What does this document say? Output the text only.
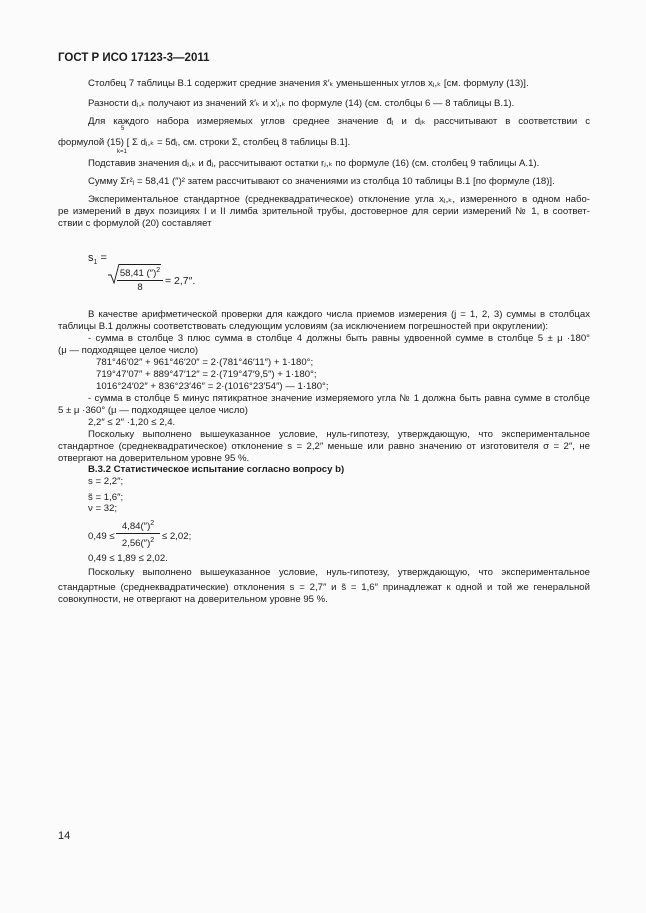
ГОСТ Р ИСО 17123-3—2011
Столбец 7 таблицы В.1 содержит средние значения x̄′ₖ уменьшенных углов xⱼ,ₖ [см. формулу (13)].
Разности dⱼ,ₖ получают из значений x̄′ₖ и x′ⱼ,ₖ по формуле (14) (см. столбцы 6 — 8 таблицы В.1).
Для каждого набора измеряемых углов среднее значение d̄ⱼ и dⱼₖ рассчитывают в соответствии с
формулой (15) [ Σ dⱼ,ₖ = 5d̄ⱼ, см. строки Σ, столбец 8 таблицы В.1].
5
k=1
Подставив значения dⱼ,ₖ и d̄ⱼ, рассчитывают остатки rⱼ,ₖ по формуле (16) (см. столбец 9 таблицы А.1).
Сумму Σr²ⱼ = 58,41 (″)² затем рассчитывают со значениями из столбца 10 таблицы В.1 [по формуле (18)].
Экспериментальное стандартное (среднеквадратическое) отклонение угла xⱼ,ₖ, измеренного в одном набо-
ре измерений в двух позициях I и II лимба зрительной трубы, достоверное для серии измерений № 1, в соответ-
ствии с формулой (20) составляет
$s_1$ =
58,41 (″)$^2$
8
= 2,7″.
В качестве арифметической проверки для каждого числа приемов измерения (j = 1, 2, 3) суммы в столбцах
таблицы В.1 должны соответствовать следующим условиям (за исключением погрешностей при округлении):
- сумма в столбце 3 плюс сумма в столбце 4 должны быть равны удвоенной сумме в столбце 5 ± μ ·180°
(μ — подходящее целое число)
781°46′02″ + 961°46′20″ = 2·(781°46′11″) + 1·180°;
719°47′07″ + 889°47′12″ = 2·(719°47′9,5″) + 1·180°;
1016°24′02″ + 836°23′46″ = 2·(1016°23′54″) — 1·180°;
- сумма в столбце 5 минус пятикратное значение измеряемого угла № 1 должна быть равна сумме в столбце
5 ± μ ·360° (μ — подходящее целое число)
2,2″ ≤ 2″ ·1,20 ≤ 2,4.
Поскольку выполнено вышеуказанное условие, нуль-гипотезу, утверждающую, что экспериментальное
стандартное (среднеквадратическое) отклонение s = 2,2″ меньше или равно значению от изготовителя σ = 2″, не
отвергают на доверительном уровне 95 %.
В.3.2 Статистическое испытание согласно вопросу b)
s = 2,2″;
s̃ = 1,6″;
ν = 32;
0,49 ≤
4,84(″)$^2$
2,56(″)$^2$ ≤ 2,02;
0,49 ≤ 1,89 ≤ 2,02.
Поскольку выполнено вышеуказанное условие, нуль-гипотезу, утверждающую, что экспериментальное
стандартные (среднеквадратические) отклонения s = 2,7″ и s̃ = 1,6″ принадлежат к одной и той же генеральной
совокупности, не отвергают на доверительном уровне 95 %.
14
